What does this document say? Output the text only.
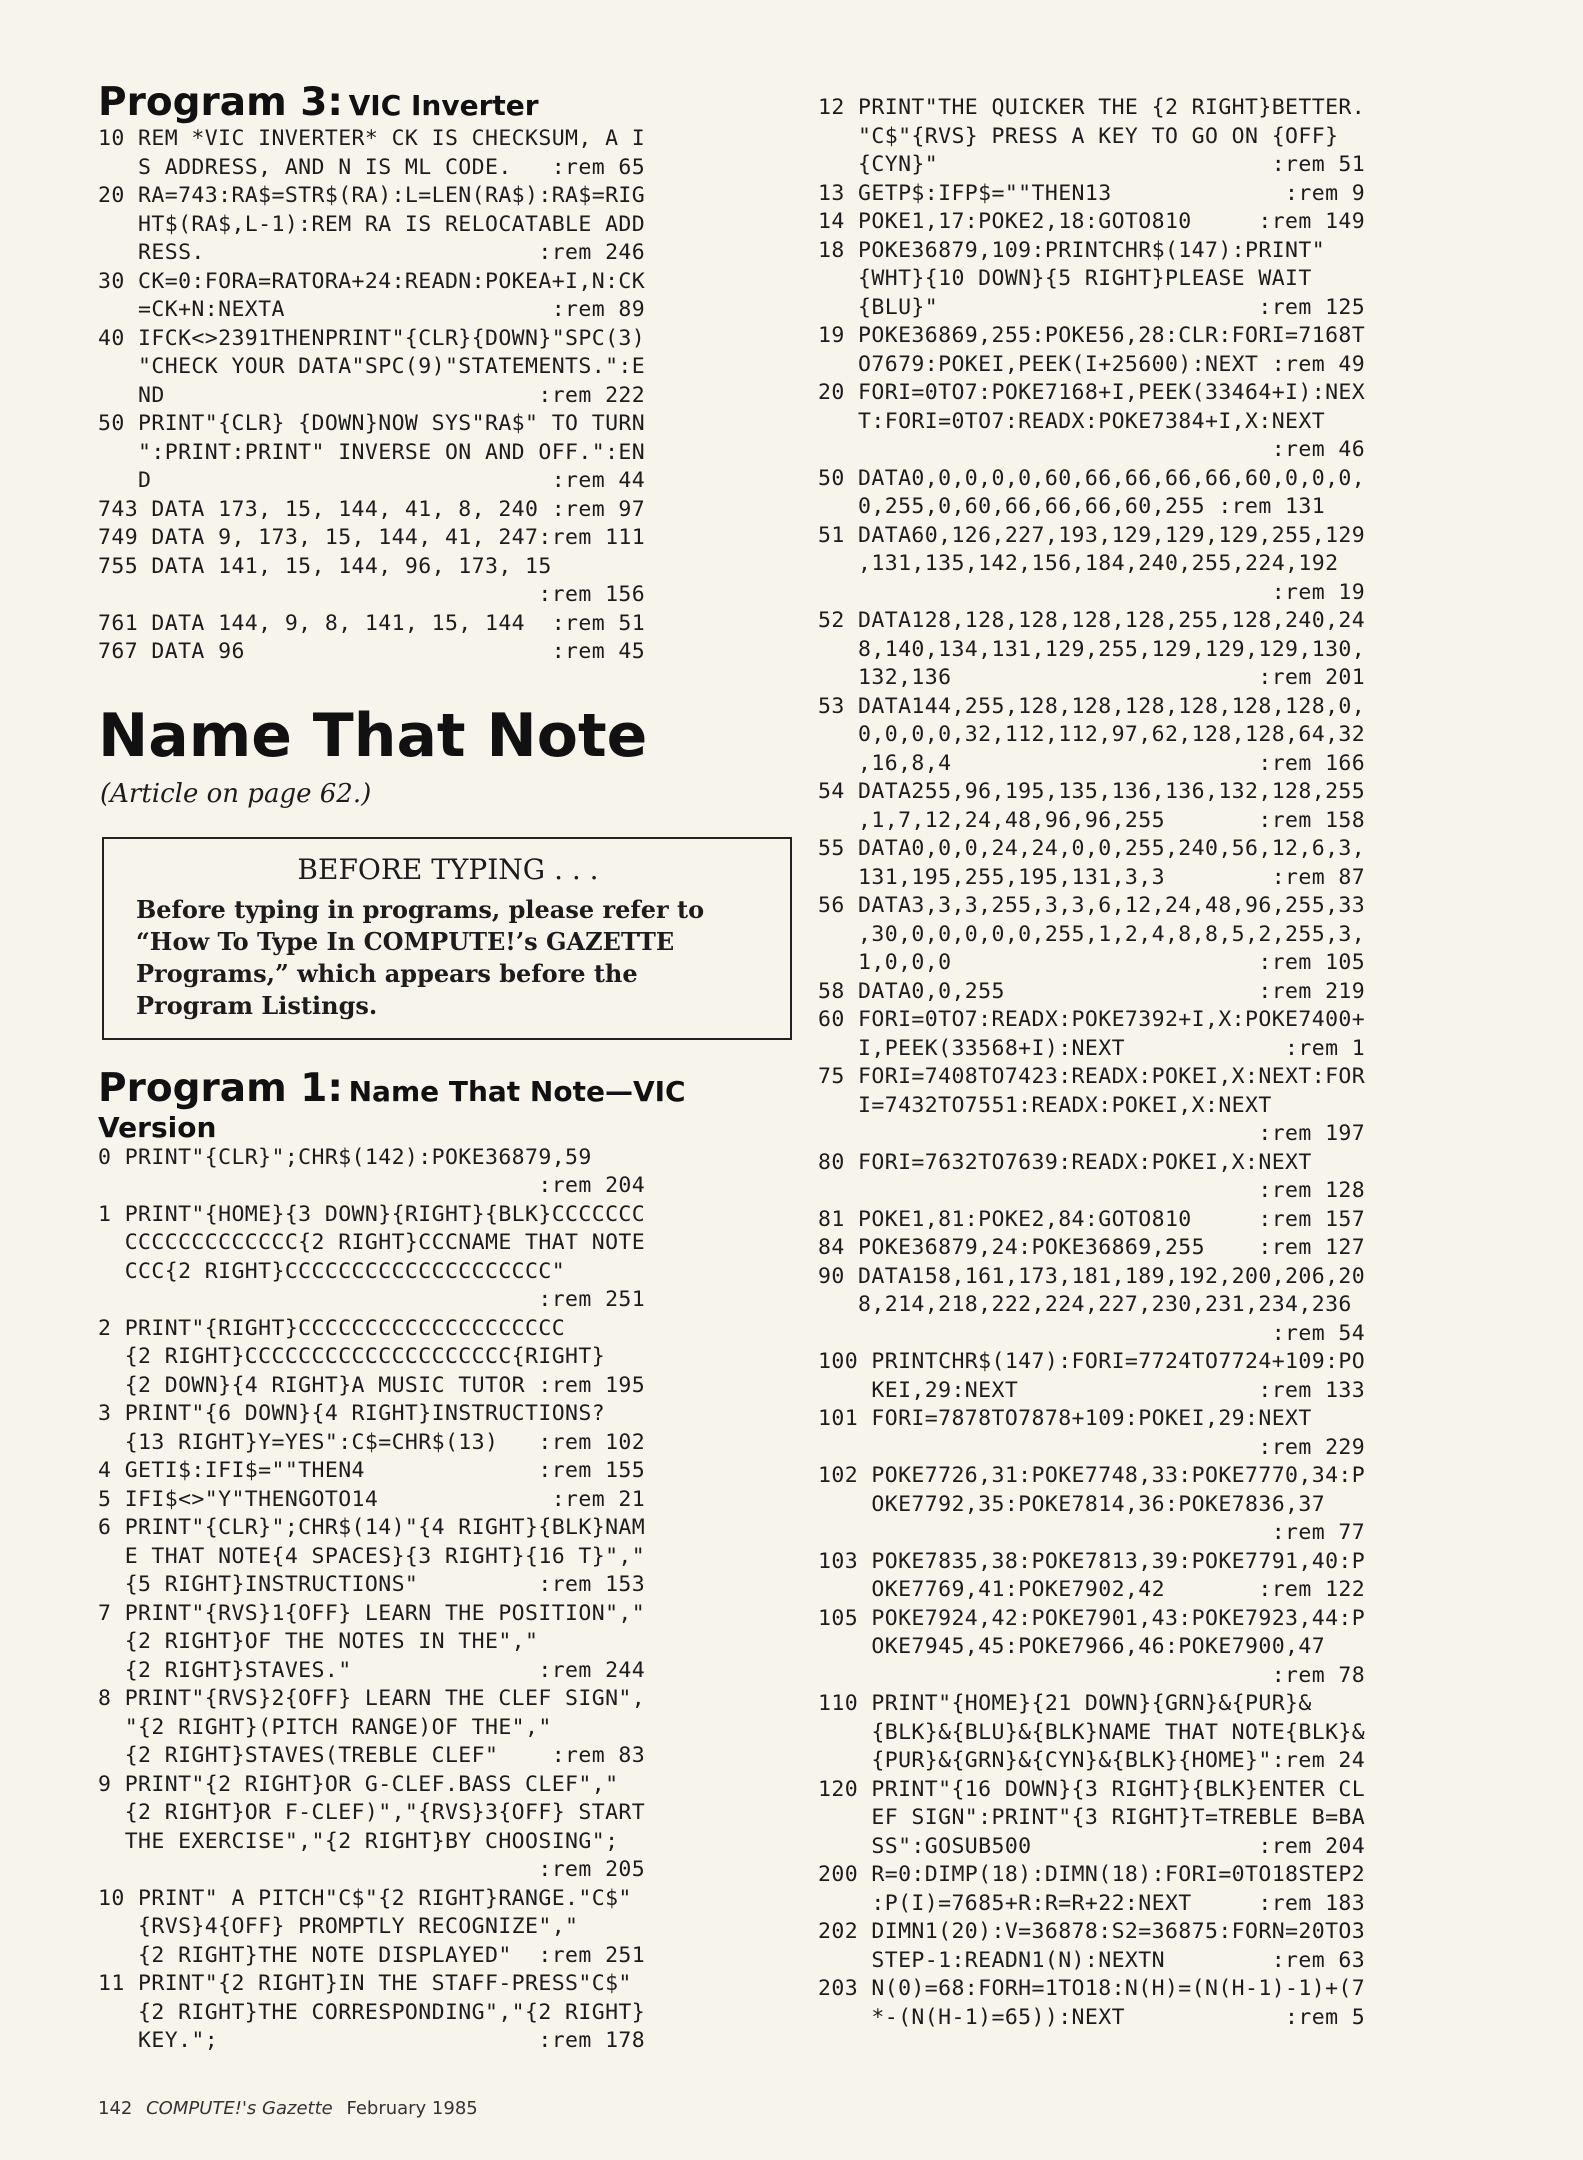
Program 3: VIC Inverter

10 REM *VIC INVERTER* CK IS CHECKSUM, A I
S ADDRESS, AND N IS ML CODE.   :rem 65
20 RA=743:RA$=STR$(RA):L=LEN(RA$):RA$=RIG
HT$(RA$,L-1):REM RA IS RELOCATABLE ADD
RESS.                         :rem 246
30 CK=0:FORA=RATORA+24:READN:POKEA+I,N:CK
=CK+N:NEXTA                    :rem 89
40 IFCK<>2391THENPRINT"{CLR}{DOWN}"SPC(3)
"CHECK YOUR DATA"SPC(9)"STATEMENTS.":E
ND                            :rem 222
50 PRINT"{CLR} {DOWN}NOW SYS"RA$" TO TURN
":PRINT:PRINT" INVERSE ON AND OFF.":EN
D                              :rem 44
743 DATA 173, 15, 144, 41, 8, 240 :rem 97
749 DATA 9, 173, 15, 144, 41, 247:rem 111
755 DATA 141, 15, 144, 96, 173, 15
:rem 156
761 DATA 144, 9, 8, 141, 15, 144  :rem 51
767 DATA 96                       :rem 45
Name That Note

(Article on page 62.)

BEFORE TYPING . . .
Before typing in programs, please refer to “How To Type In COMPUTE!’s GAZETTE Programs,” which appears before the Program Listings.

Program 1: Name That Note—VIC Version

0 PRINT"{CLR}";CHR$(142):POKE36879,59
:rem 204
1 PRINT"{HOME}{3 DOWN}{RIGHT}{BLK}CCCCCCC
CCCCCCCCCCCCC{2 RIGHT}CCCNAME THAT NOTE
CCC{2 RIGHT}CCCCCCCCCCCCCCCCCCCC"
:rem 251
2 PRINT"{RIGHT}CCCCCCCCCCCCCCCCCCCC
{2 RIGHT}CCCCCCCCCCCCCCCCCCCC{RIGHT}
{2 DOWN}{4 RIGHT}A MUSIC TUTOR :rem 195
3 PRINT"{6 DOWN}{4 RIGHT}INSTRUCTIONS?
{13 RIGHT}Y=YES":C$=CHR$(13)   :rem 102
4 GETI$:IFI$=""THEN4             :rem 155
5 IFI$<>"Y"THENGOTO14             :rem 21
6 PRINT"{CLR}";CHR$(14)"{4 RIGHT}{BLK}NAM
E THAT NOTE{4 SPACES}{3 RIGHT}{16 T}","
{5 RIGHT}INSTRUCTIONS"         :rem 153
7 PRINT"{RVS}1{OFF} LEARN THE POSITION","
{2 RIGHT}OF THE NOTES IN THE","
{2 RIGHT}STAVES."              :rem 244
8 PRINT"{RVS}2{OFF} LEARN THE CLEF SIGN",
"{2 RIGHT}(PITCH RANGE)OF THE","
{2 RIGHT}STAVES(TREBLE CLEF"    :rem 83
9 PRINT"{2 RIGHT}OR G-CLEF.BASS CLEF","
{2 RIGHT}OR F-CLEF)","{RVS}3{OFF} START
THE EXERCISE","{2 RIGHT}BY CHOOSING";
:rem 205
10 PRINT" A PITCH"C$"{2 RIGHT}RANGE."C$"
{RVS}4{OFF} PROMPTLY RECOGNIZE","
{2 RIGHT}THE NOTE DISPLAYED"  :rem 251
11 PRINT"{2 RIGHT}IN THE STAFF-PRESS"C$"
{2 RIGHT}THE CORRESPONDING","{2 RIGHT}
KEY.";                        :rem 178
12 PRINT"THE QUICKER THE {2 RIGHT}BETTER.
"C$"{RVS} PRESS A KEY TO GO ON {OFF}
{CYN}"                         :rem 51
13 GETP$:IFP$=""THEN13             :rem 9
14 POKE1,17:POKE2,18:GOTO810     :rem 149
18 POKE36879,109:PRINTCHR$(147):PRINT"
{WHT}{10 DOWN}{5 RIGHT}PLEASE WAIT
{BLU}"                        :rem 125
19 POKE36869,255:POKE56,28:CLR:FORI=7168T
O7679:POKEI,PEEK(I+25600):NEXT :rem 49
20 FORI=0TO7:POKE7168+I,PEEK(33464+I):NEX
T:FORI=0TO7:READX:POKE7384+I,X:NEXT
:rem 46
50 DATA0,0,0,0,0,60,66,66,66,66,60,0,0,0,
0,255,0,60,66,66,66,60,255 :rem 131
51 DATA60,126,227,193,129,129,129,255,129
,131,135,142,156,184,240,255,224,192
:rem 19
52 DATA128,128,128,128,128,255,128,240,24
8,140,134,131,129,255,129,129,129,130,
132,136                       :rem 201
53 DATA144,255,128,128,128,128,128,128,0,
0,0,0,0,32,112,112,97,62,128,128,64,32
,16,8,4                       :rem 166
54 DATA255,96,195,135,136,136,132,128,255
,1,7,12,24,48,96,96,255       :rem 158
55 DATA0,0,0,24,24,0,0,255,240,56,12,6,3,
131,195,255,195,131,3,3        :rem 87
56 DATA3,3,3,255,3,3,6,12,24,48,96,255,33
,30,0,0,0,0,0,255,1,2,4,8,8,5,2,255,3,
1,0,0,0                       :rem 105
58 DATA0,0,255                   :rem 219
60 FORI=0TO7:READX:POKE7392+I,X:POKE7400+
I,PEEK(33568+I):NEXT            :rem 1
75 FORI=7408TO7423:READX:POKEI,X:NEXT:FOR
I=7432TO7551:READX:POKEI,X:NEXT
:rem 197
80 FORI=7632TO7639:READX:POKEI,X:NEXT
:rem 128
81 POKE1,81:POKE2,84:GOTO810     :rem 157
84 POKE36879,24:POKE36869,255    :rem 127
90 DATA158,161,173,181,189,192,200,206,20
8,214,218,222,224,227,230,231,234,236
:rem 54
100 PRINTCHR$(147):FORI=7724TO7724+109:PO
KEI,29:NEXT                  :rem 133
101 FORI=7878TO7878+109:POKEI,29:NEXT
:rem 229
102 POKE7726,31:POKE7748,33:POKE7770,34:P
OKE7792,35:POKE7814,36:POKE7836,37
:rem 77
103 POKE7835,38:POKE7813,39:POKE7791,40:P
OKE7769,41:POKE7902,42       :rem 122
105 POKE7924,42:POKE7901,43:POKE7923,44:P
OKE7945,45:POKE7966,46:POKE7900,47
:rem 78
110 PRINT"{HOME}{21 DOWN}{GRN}&{PUR}&
{BLK}&{BLU}&{BLK}NAME THAT NOTE{BLK}&
{PUR}&{GRN}&{CYN}&{BLK}{HOME}":rem 24
120 PRINT"{16 DOWN}{3 RIGHT}{BLK}ENTER CL
EF SIGN":PRINT"{3 RIGHT}T=TREBLE B=BA
SS":GOSUB500                 :rem 204
200 R=0:DIMP(18):DIMN(18):FORI=0TO18STEP2
:P(I)=7685+R:R=R+22:NEXT     :rem 183
202 DIMN1(20):V=36878:S2=36875:FORN=20TO3
STEP-1:READN1(N):NEXTN        :rem 63
203 N(0)=68:FORH=1TO18:N(H)=(N(H-1)-1)+(7
*-(N(H-1)=65)):NEXT            :rem 5
142 COMPUTE!'s Gazette February 1985
